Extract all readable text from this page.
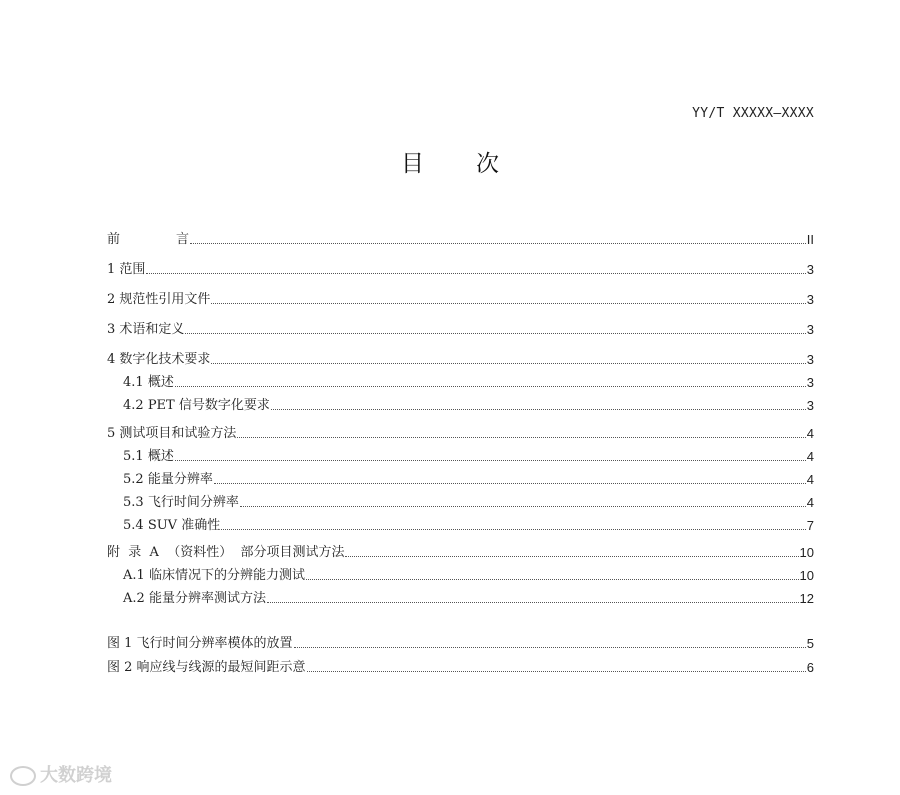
YY/T XXXXX—XXXX
目 次
前	言	II
1 范围	3
2 规范性引用文件	3
3 术语和定义	3
4 数字化技术要求	3
4.1 概述	3
4.2 PET 信号数字化要求	3
5 测试项目和试验方法	4
5.1 概述	4
5.2 能量分辨率	4
5.3 飞行时间分辨率	4
5.4 SUV 准确性	7
附  录  A （资料性）  部分项目测试方法	10
A.1 临床情况下的分辨能力测试	10
A.2 能量分辨率测试方法	12
图 1 飞行时间分辨率模体的放置	5
图 2 响应线与线源的最短间距示意	6
大数跨境
